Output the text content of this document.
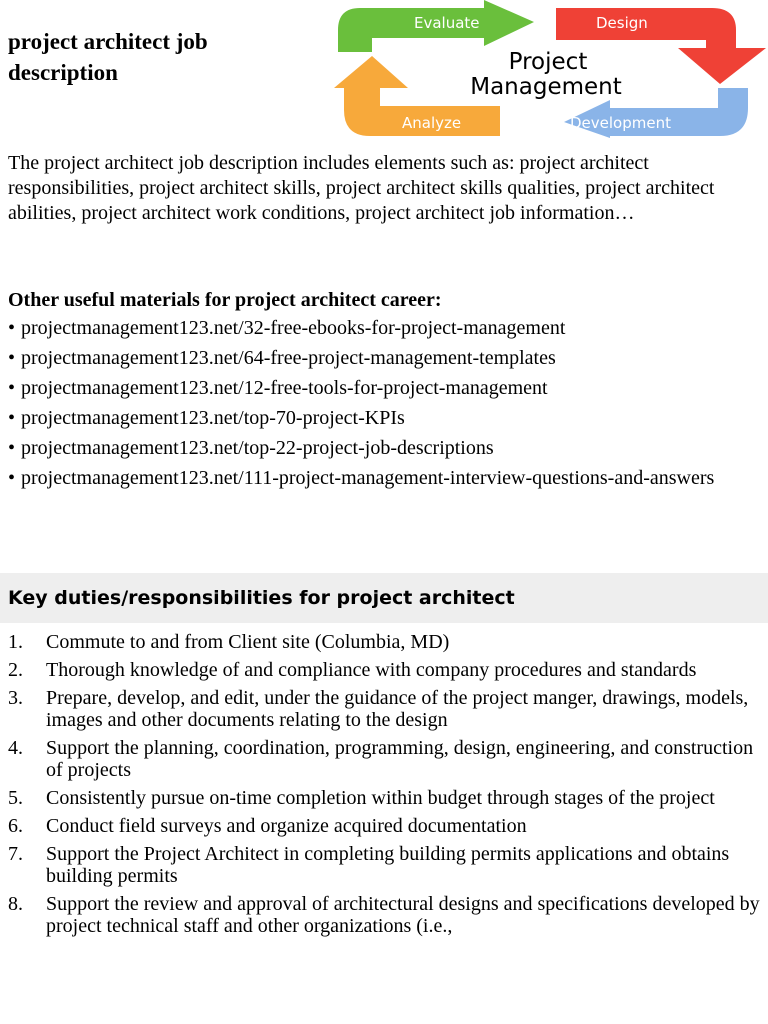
project architect job description
Evaluate	Design
Analyze	Development
Project
Management

The project architect job description includes elements such as: project architect responsibilities, project architect skills, project architect skills qualities, project architect abilities, project architect work conditions, project architect job information…

Other useful materials for project architect career:
• projectmanagement123.net/32-free-ebooks-for-project-management
• projectmanagement123.net/64-free-project-management-templates
• projectmanagement123.net/12-free-tools-for-project-management
• projectmanagement123.net/top-70-project-KPIs
• projectmanagement123.net/top-22-project-job-descriptions
• projectmanagement123.net/111-project-management-interview-questions-and-answers
Key duties/responsibilities for project architect
1.	Commute to and from Client site (Columbia, MD)
2.	Thorough knowledge of and compliance with company procedures and standards
3.	Prepare, develop, and edit, under the guidance of the project manger, drawings, models, images and other documents relating to the design
4.	Support the planning, coordination, programming, design, engineering, and construction of projects
5.	Consistently pursue on-time completion within budget through stages of the project
6.	Conduct field surveys and organize acquired documentation
7.	Support the Project Architect in completing building permits applications and obtains building permits
8.	Support the review and approval of architectural designs and specifications developed by project technical staff and other organizations (i.e.,
